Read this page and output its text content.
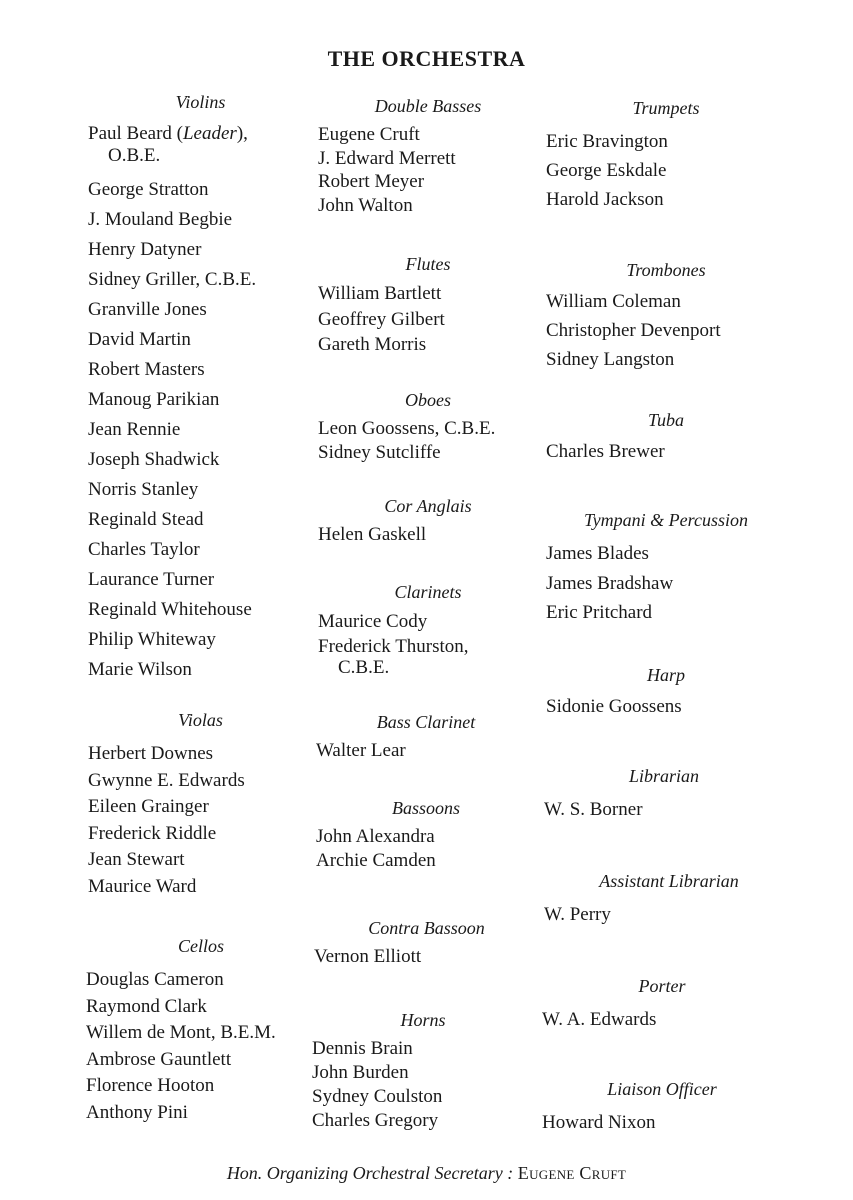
THE ORCHESTRA
Violins
Paul Beard (Leader),
O.B.E.
George Stratton
J. Mouland Begbie
Henry Datyner
Sidney Griller, C.B.E.
Granville Jones
David Martin
Robert Masters
Manoug Parikian
Jean Rennie
Joseph Shadwick
Norris Stanley
Reginald Stead
Charles Taylor
Laurance Turner
Reginald Whitehouse
Philip Whiteway
Marie Wilson
Violas
Herbert Downes
Gwynne E. Edwards
Eileen Grainger
Frederick Riddle
Jean Stewart
Maurice Ward
Cellos
Douglas Cameron
Raymond Clark
Willem de Mont, B.E.M.
Ambrose Gauntlett
Florence Hooton
Anthony Pini
Double Basses
Eugene Cruft
J. Edward Merrett
Robert Meyer
John Walton
Flutes
William Bartlett
Geoffrey Gilbert
Gareth Morris
Oboes
Leon Goossens, C.B.E.
Sidney Sutcliffe
Cor Anglais
Helen Gaskell
Clarinets
Maurice Cody
Frederick Thurston,
C.B.E.
Bass Clarinet
Walter Lear
Bassoons
John Alexandra
Archie Camden
Contra Bassoon
Vernon Elliott
Horns
Dennis Brain
John Burden
Sydney Coulston
Charles Gregory
Trumpets
Eric Bravington
George Eskdale
Harold Jackson
Trombones
William Coleman
Christopher Devenport
Sidney Langston
Tuba
Charles Brewer
Tympani & Percussion
James Blades
James Bradshaw
Eric Pritchard
Harp
Sidonie Goossens
Librarian
W. S. Borner
Assistant Librarian
W. Perry
Porter
W. A. Edwards
Liaison Officer
Howard Nixon
Hon. Organizing Orchestral Secretary : Eugene Cruft
